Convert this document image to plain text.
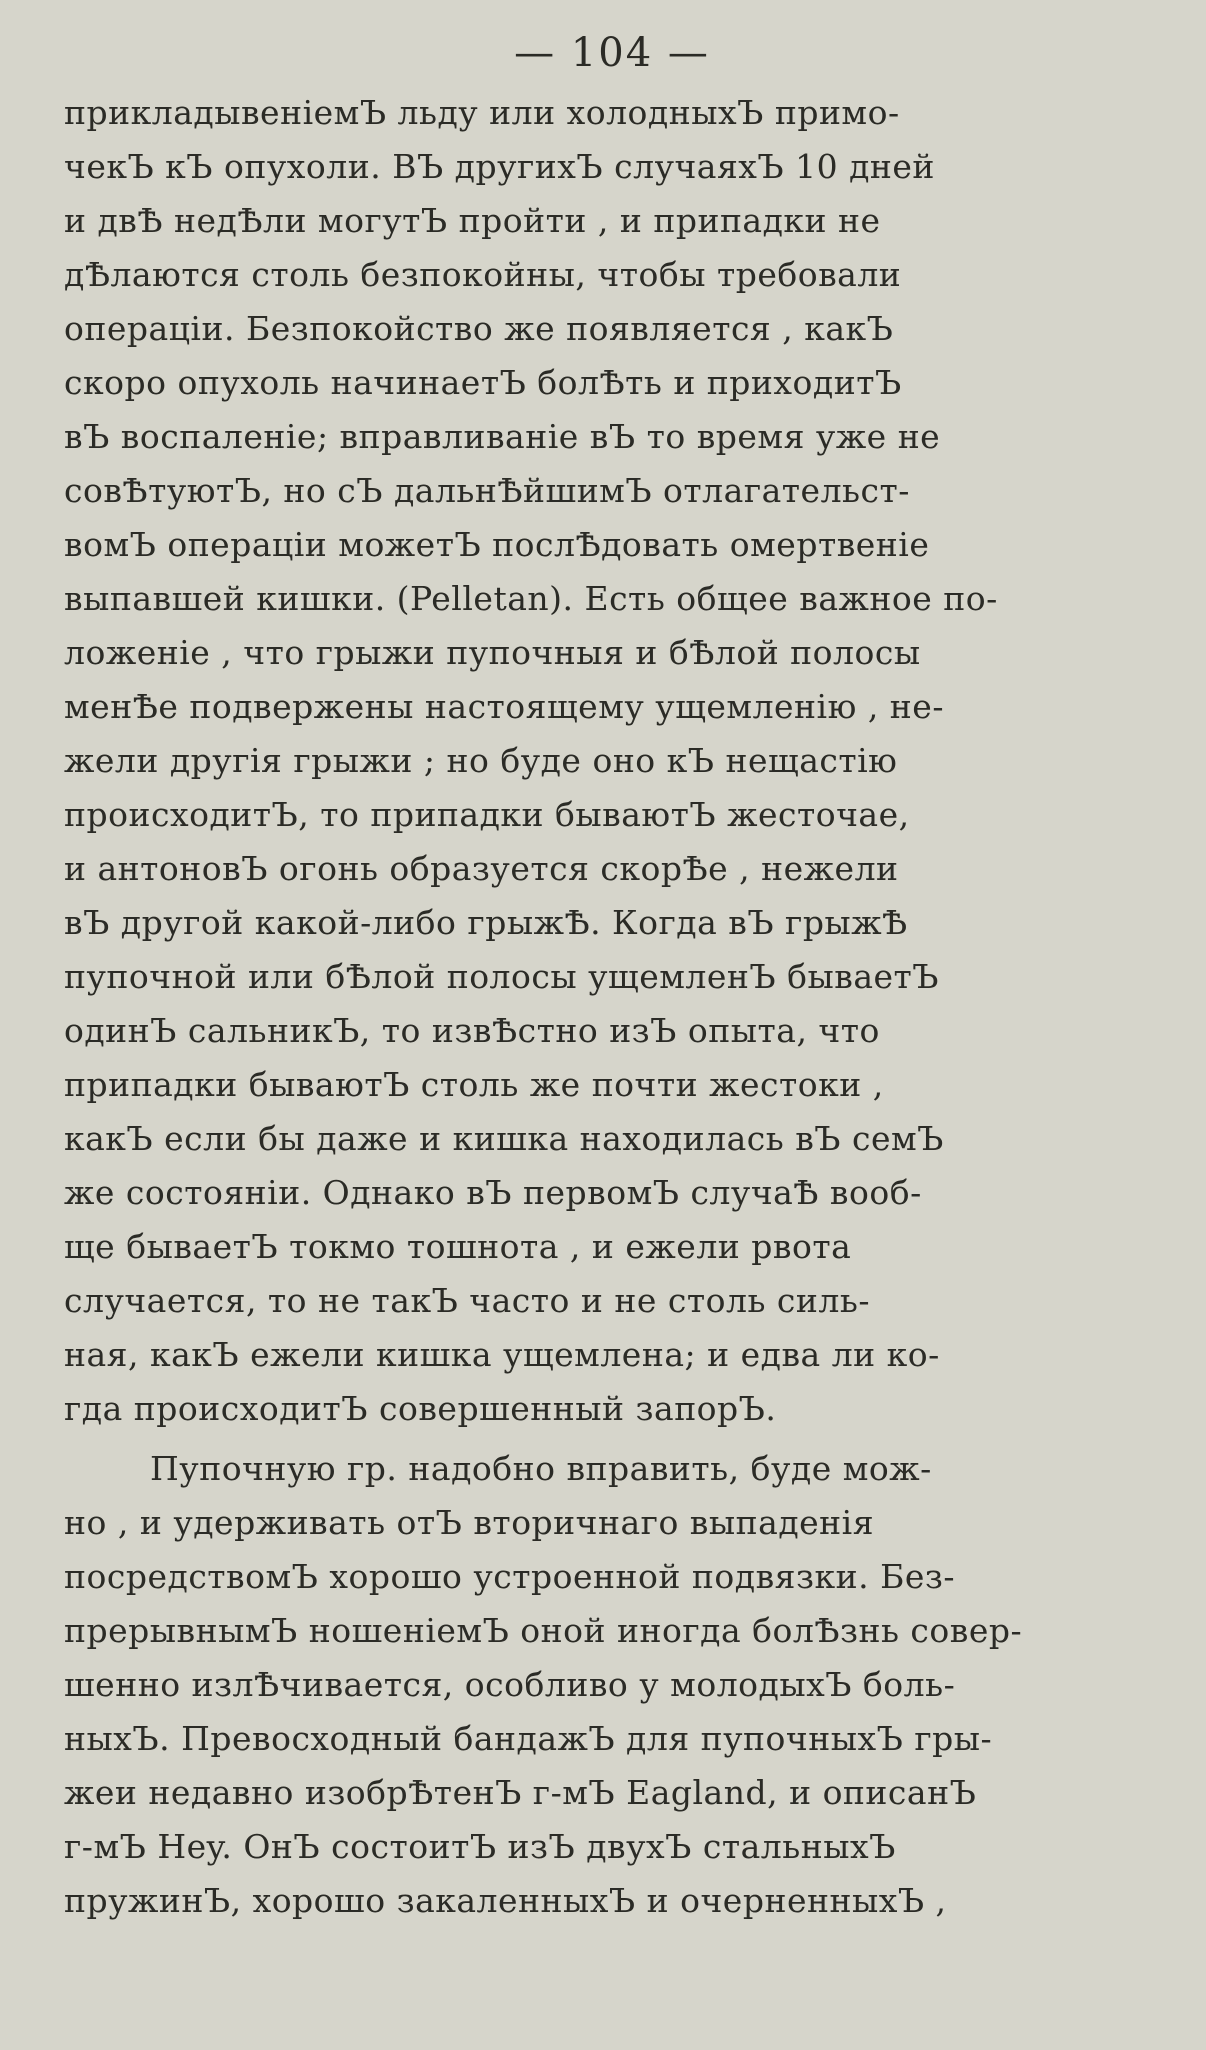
— 104 —
прикладывеніемЪ льду или холодныхЪ примо-
чекЪ кЪ опухоли. ВЪ другихЪ случаяхЪ 10 дней
и двѢ недѢли могутЪ пройти , и припадки не
дѢлаются столь безпокойны, чтобы требовали
операціи. Безпокойство же появляется , какЪ
скоро опухоль начинаетЪ болѢть и приходитЪ
вЪ воспаленіе; вправливаніе вЪ то время уже не
совѢтуютЪ, но сЪ дальнѢйшимЪ отлагательст-
вомЪ операціи можетЪ послѢдовать омертвеніе
выпавшей кишки. (Pelletan). Есть общее важное по-
ложеніе , что грыжи пупочныя и бѢлой полосы
менѢе подвержены настоящему ущемленію , не-
жели другія грыжи ; но буде оно кЪ нещастію
происходитЪ, то припадки бываютЪ жесточае,
и антоновЪ огонь образуется скорѢе , нежели
вЪ другой какой-либо грыжѢ. Когда вЪ грыжѢ
пупочной или бѢлой полосы ущемленЪ бываетЪ
одинЪ сальникЪ, то извѢстно изЪ опыта, что
припадки бываютЪ столь же почти жестоки ,
какЪ если бы даже и кишка находилась вЪ семЪ
же состояніи. Однако вЪ первомЪ случаѢ вооб-
ще бываетЪ токмо тошнота , и ежели рвота
случается, то не такЪ часто и не столь силь-
ная, какЪ ежели кишка ущемлена; и едва ли ко-
гда происходитЪ совершенный запорЪ.
Пупочную гр. надобно вправить, буде мож-
но , и удерживать отЪ вторичнаго выпаденія
посредствомЪ хорошо устроенной подвязки. Без-
прерывнымЪ ношеніемЪ оной иногда болѢзнь совер-
шенно излѢчивается, особливо у молодыхЪ боль-
ныхЪ. Превосходный бандажЪ для пупочныхЪ гры-
жеи недавно изобрѢтенЪ г-мЪ Eagland, и описанЪ
г-мЪ Hey. ОнЪ состоитЪ изЪ двухЪ стальныхЪ
пружинЪ, хорошо закаленныхЪ и очерненныхЪ ,
